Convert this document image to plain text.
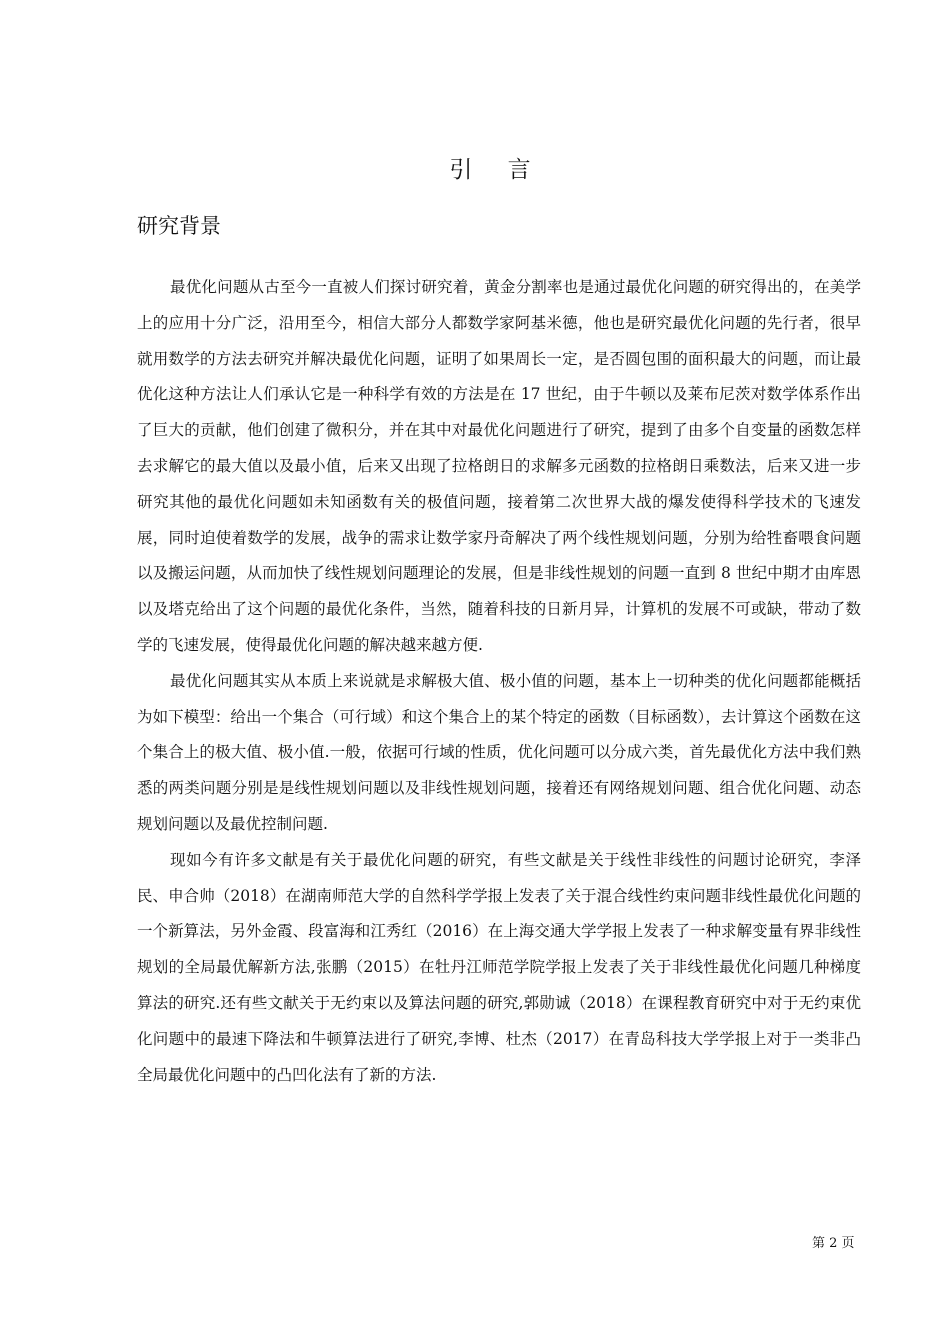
引 言
研究背景

最优化问题从古至今一直被人们探讨研究着，黄金分割率也是通过最优化问题的研究得出的，在美学上的应用十分广泛，沿用至今，相信大部分人都数学家阿基米德，他也是研究最优化问题的先行者，很早就用数学的方法去研究并解决最优化问题，证明了如果周长一定，是否圆包围的面积最大的问题，而让最优化这种方法让人们承认它是一种科学有效的方法是在 17 世纪，由于牛顿以及莱布尼茨对数学体系作出了巨大的贡献，他们创建了微积分，并在其中对最优化问题进行了研究，提到了由多个自变量的函数怎样去求解它的最大值以及最小值，后来又出现了拉格朗日的求解多元函数的拉格朗日乘数法，后来又进一步研究其他的最优化问题如未知函数有关的极值问题，接着第二次世界大战的爆发使得科学技术的飞速发展，同时迫使着数学的发展，战争的需求让数学家丹奇解决了两个线性规划问题，分别为给牲畜喂食问题以及搬运问题，从而加快了线性规划问题理论的发展，但是非线性规划的问题一直到 8 世纪中期才由库恩以及塔克给出了这个问题的最优化条件，当然，随着科技的日新月异，计算机的发展不可或缺，带动了数学的飞速发展，使得最优化问题的解决越来越方便.

最优化问题其实从本质上来说就是求解极大值、极小值的问题，基本上一切种类的优化问题都能概括为如下模型：给出一个集合（可行域）和这个集合上的某个特定的函数（目标函数），去计算这个函数在这个集合上的极大值、极小值.一般，依据可行域的性质，优化问题可以分成六类，首先最优化方法中我们熟悉的两类问题分别是是线性规划问题以及非线性规划问题，接着还有网络规划问题、组合优化问题、动态规划问题以及最优控制问题.

现如今有许多文献是有关于最优化问题的研究，有些文献是关于线性非线性的问题讨论研究，李泽民、申合帅（2018）在湖南师范大学的自然科学学报上发表了关于混合线性约束问题非线性最优化问题的一个新算法，另外金霞、段富海和江秀红（2016）在上海交通大学学报上发表了一种求解变量有界非线性规划的全局最优解新方法,张鹏（2015）在牡丹江师范学院学报上发表了关于非线性最优化问题几种梯度算法的研究.还有些文献关于无约束以及算法问题的研究,郭勋诚（2018）在课程教育研究中对于无约束优化问题中的最速下降法和牛顿算法进行了研究,李博、杜杰（2017）在青岛科技大学学报上对于一类非凸全局最优化问题中的凸凹化法有了新的方法.

第 2 页
